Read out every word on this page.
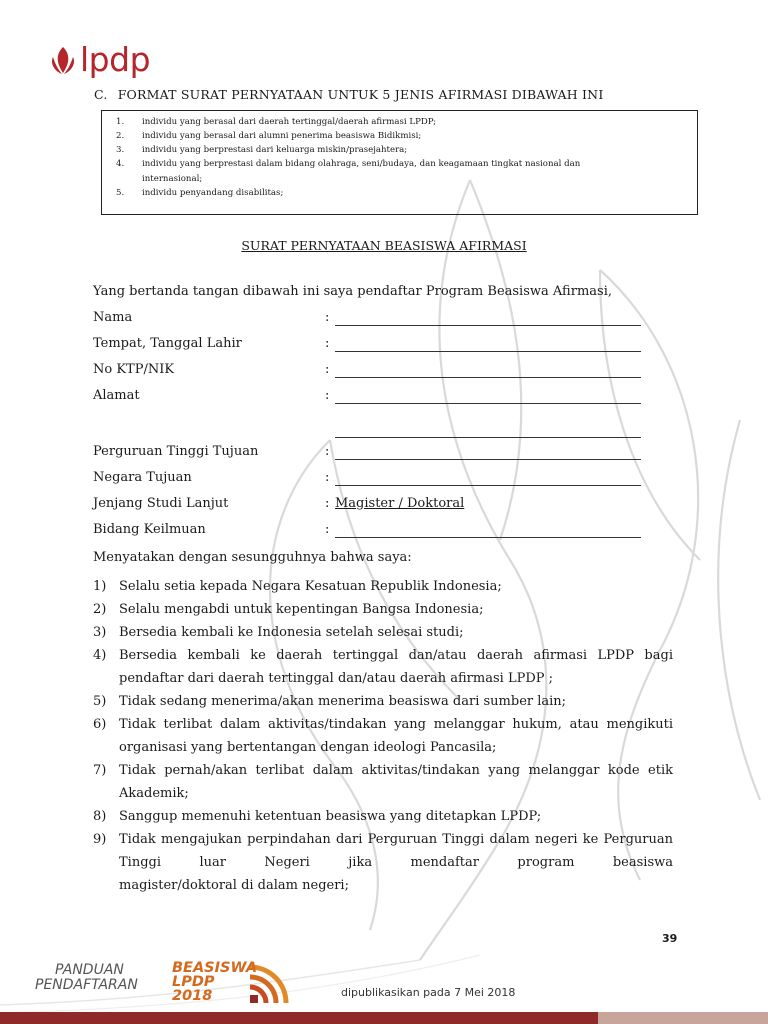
lpdp
C. FORMAT SURAT PERNYATAAN UNTUK 5 JENIS AFIRMASI DIBAWAH INI
1. individu yang berasal dari daerah tertinggal/daerah afirmasi LPDP;
2. individu yang berasal dari alumni penerima beasiswa Bidikmisi;
3. individu yang berprestasi dari keluarga miskin/prasejahtera;
4. individu yang berprestasi dalam bidang olahraga, seni/budaya, dan keagamaan tingkat nasional dan
internasional;
5. individu penyandang disabilitas;
SURAT PERNYATAAN BEASISWA AFIRMASI
Yang bertanda tangan dibawah ini saya pendaftar Program Beasiswa Afirmasi,
Nama	:
Tempat, Tanggal Lahir	:
No KTP/NIK	:
Alamat	:
Perguruan Tinggi Tujuan	:
Negara Tujuan	:
Jenjang Studi Lanjut	: Magister / Doktoral
Bidang Keilmuan	:
Menyatakan dengan sesungguhnya bahwa saya:
1) Selalu setia kepada Negara Kesatuan Republik Indonesia;
2) Selalu mengabdi untuk kepentingan Bangsa Indonesia;
3) Bersedia kembali ke Indonesia setelah selesai studi;
4) Bersedia kembali ke daerah tertinggal dan/atau daerah afirmasi LPDP bagi pendaftar dari daerah tertinggal dan/atau daerah afirmasi LPDP ;
5) Tidak sedang menerima/akan menerima beasiswa dari sumber lain;
6) Tidak terlibat dalam aktivitas/tindakan yang melanggar hukum, atau mengikuti organisasi yang bertentangan dengan ideologi Pancasila;
7) Tidak pernah/akan terlibat dalam aktivitas/tindakan yang melanggar kode etik Akademik;
8) Sanggup memenuhi ketentuan beasiswa yang ditetapkan LPDP;
9) Tidak mengajukan perpindahan dari Perguruan Tinggi dalam negeri ke Perguruan Tinggi luar Negeri jika mendaftar program beasiswa
magister/doktoral di dalam negeri;
39
PANDUAN
PENDAFTARAN
BEASISWA
LPDP
2018	dipublikasikan pada 7 Mei 2018
